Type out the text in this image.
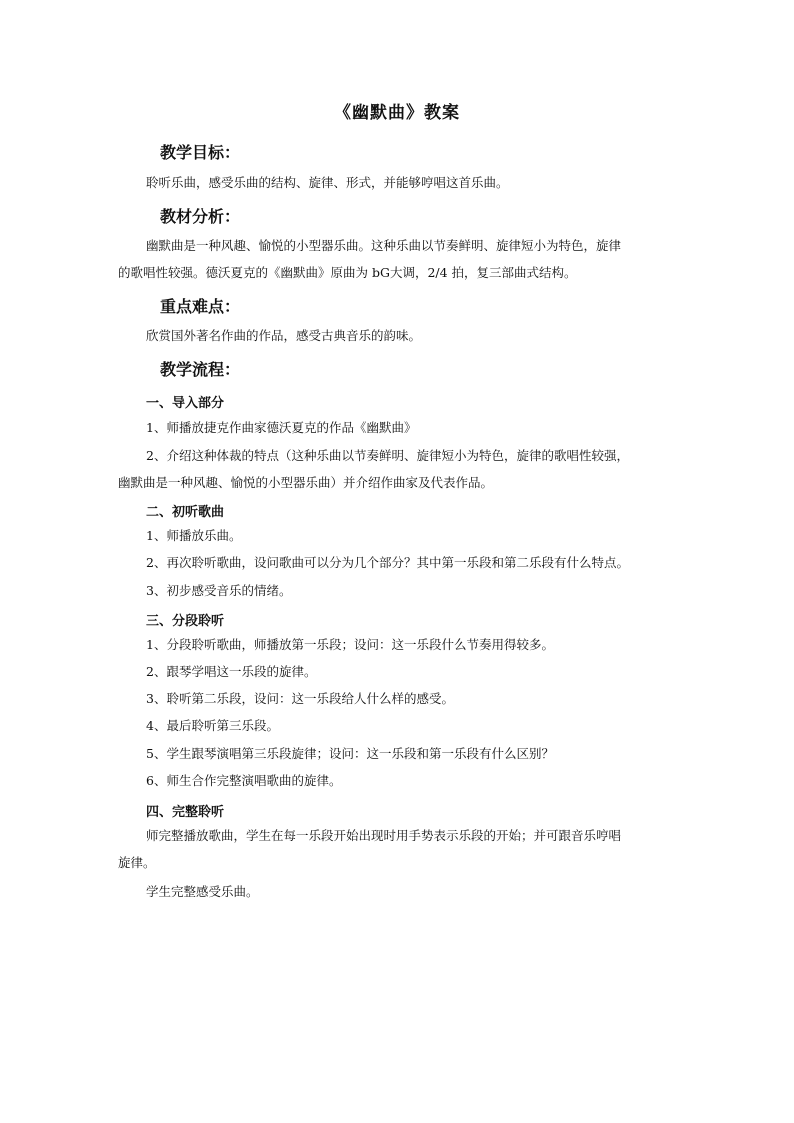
《幽默曲》教案
教学目标：
聆听乐曲，感受乐曲的结构、旋律、形式，并能够哼唱这首乐曲。
教材分析：
幽默曲是一种风趣、愉悦的小型器乐曲。这种乐曲以节奏鲜明、旋律短小为特色，旋律
的歌唱性较强。德沃夏克的《幽默曲》原曲为 bG大调，2/4 拍，复三部曲式结构。
重点难点：
欣赏国外著名作曲的作品，感受古典音乐的韵味。
教学流程：
一、导入部分
1、师播放捷克作曲家德沃夏克的作品《幽默曲》
2、介绍这种体裁的特点（这种乐曲以节奏鲜明、旋律短小为特色，旋律的歌唱性较强，
幽默曲是一种风趣、愉悦的小型器乐曲）并介绍作曲家及代表作品。
二、初听歌曲
1、师播放乐曲。
2、再次聆听歌曲，设问歌曲可以分为几个部分？其中第一乐段和第二乐段有什么特点。
3、初步感受音乐的情绪。
三、分段聆听
1、分段聆听歌曲，师播放第一乐段；设问：这一乐段什么节奏用得较多。
2、跟琴学唱这一乐段的旋律。
3、聆听第二乐段，设问：这一乐段给人什么样的感受。
4、最后聆听第三乐段。
5、学生跟琴演唱第三乐段旋律；设问：这一乐段和第一乐段有什么区别？
6、师生合作完整演唱歌曲的旋律。
四、完整聆听
师完整播放歌曲，学生在每一乐段开始出现时用手势表示乐段的开始；并可跟音乐哼唱
旋律。
学生完整感受乐曲。
